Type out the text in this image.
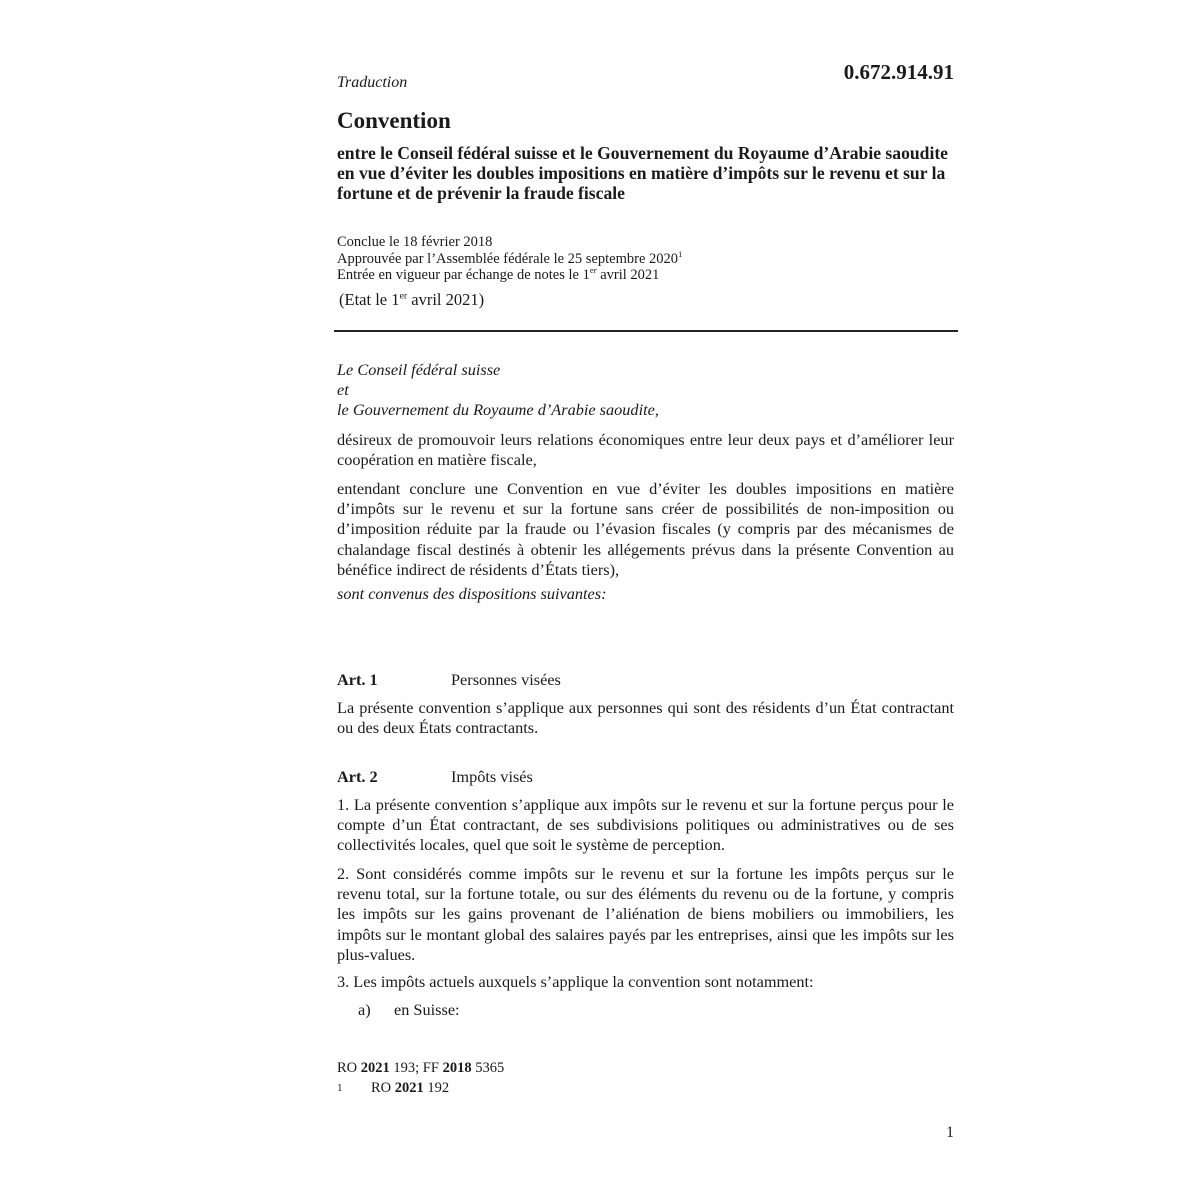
Traduction	0.672.914.91
Convention
entre le Conseil fédéral suisse et le Gouvernement du Royaume d’Arabie saoudite en vue d’éviter les doubles impositions en matière d’impôts sur le revenu et sur la fortune et de prévenir la fraude fiscale
Conclue le 18 février 2018
Approuvée par l’Assemblée fédérale le 25 septembre 2020$^1$
Entrée en vigueur par échange de notes le 1er avril 2021
(Etat le 1er avril 2021)
Le Conseil fédéral suisse
et
le Gouvernement du Royaume d’Arabie saoudite,
désireux de promouvoir leurs relations économiques entre leur deux pays et d’améliorer leur coopération en matière fiscale,
entendant conclure une Convention en vue d’éviter les doubles impositions en matière d’impôts sur le revenu et sur la fortune sans créer de possibilités de non-imposition ou d’imposition réduite par la fraude ou l’évasion fiscales (y compris par des mécanismes de chalandage fiscal destinés à obtenir les allégements prévus dans la présente Convention au bénéfice indirect de résidents d’États tiers),
sont convenus des dispositions suivantes:
Art. 1	Personnes visées
La présente convention s’applique aux personnes qui sont des résidents d’un État contractant ou des deux États contractants.
Art. 2	Impôts visés
1. La présente convention s’applique aux impôts sur le revenu et sur la fortune perçus pour le compte d’un État contractant, de ses subdivisions politiques ou administratives ou de ses collectivités locales, quel que soit le système de perception.
2. Sont considérés comme impôts sur le revenu et sur la fortune les impôts perçus sur le revenu total, sur la fortune totale, ou sur des éléments du revenu ou de la fortune, y compris les impôts sur les gains provenant de l’aliénation de biens mobiliers ou immobiliers, les impôts sur le montant global des salaires payés par les entreprises, ainsi que les impôts sur les plus-values.
3. Les impôts actuels auxquels s’applique la convention sont notamment:
a) en Suisse:
RO 2021 193; FF 2018 5365
1 RO 2021 192
1
